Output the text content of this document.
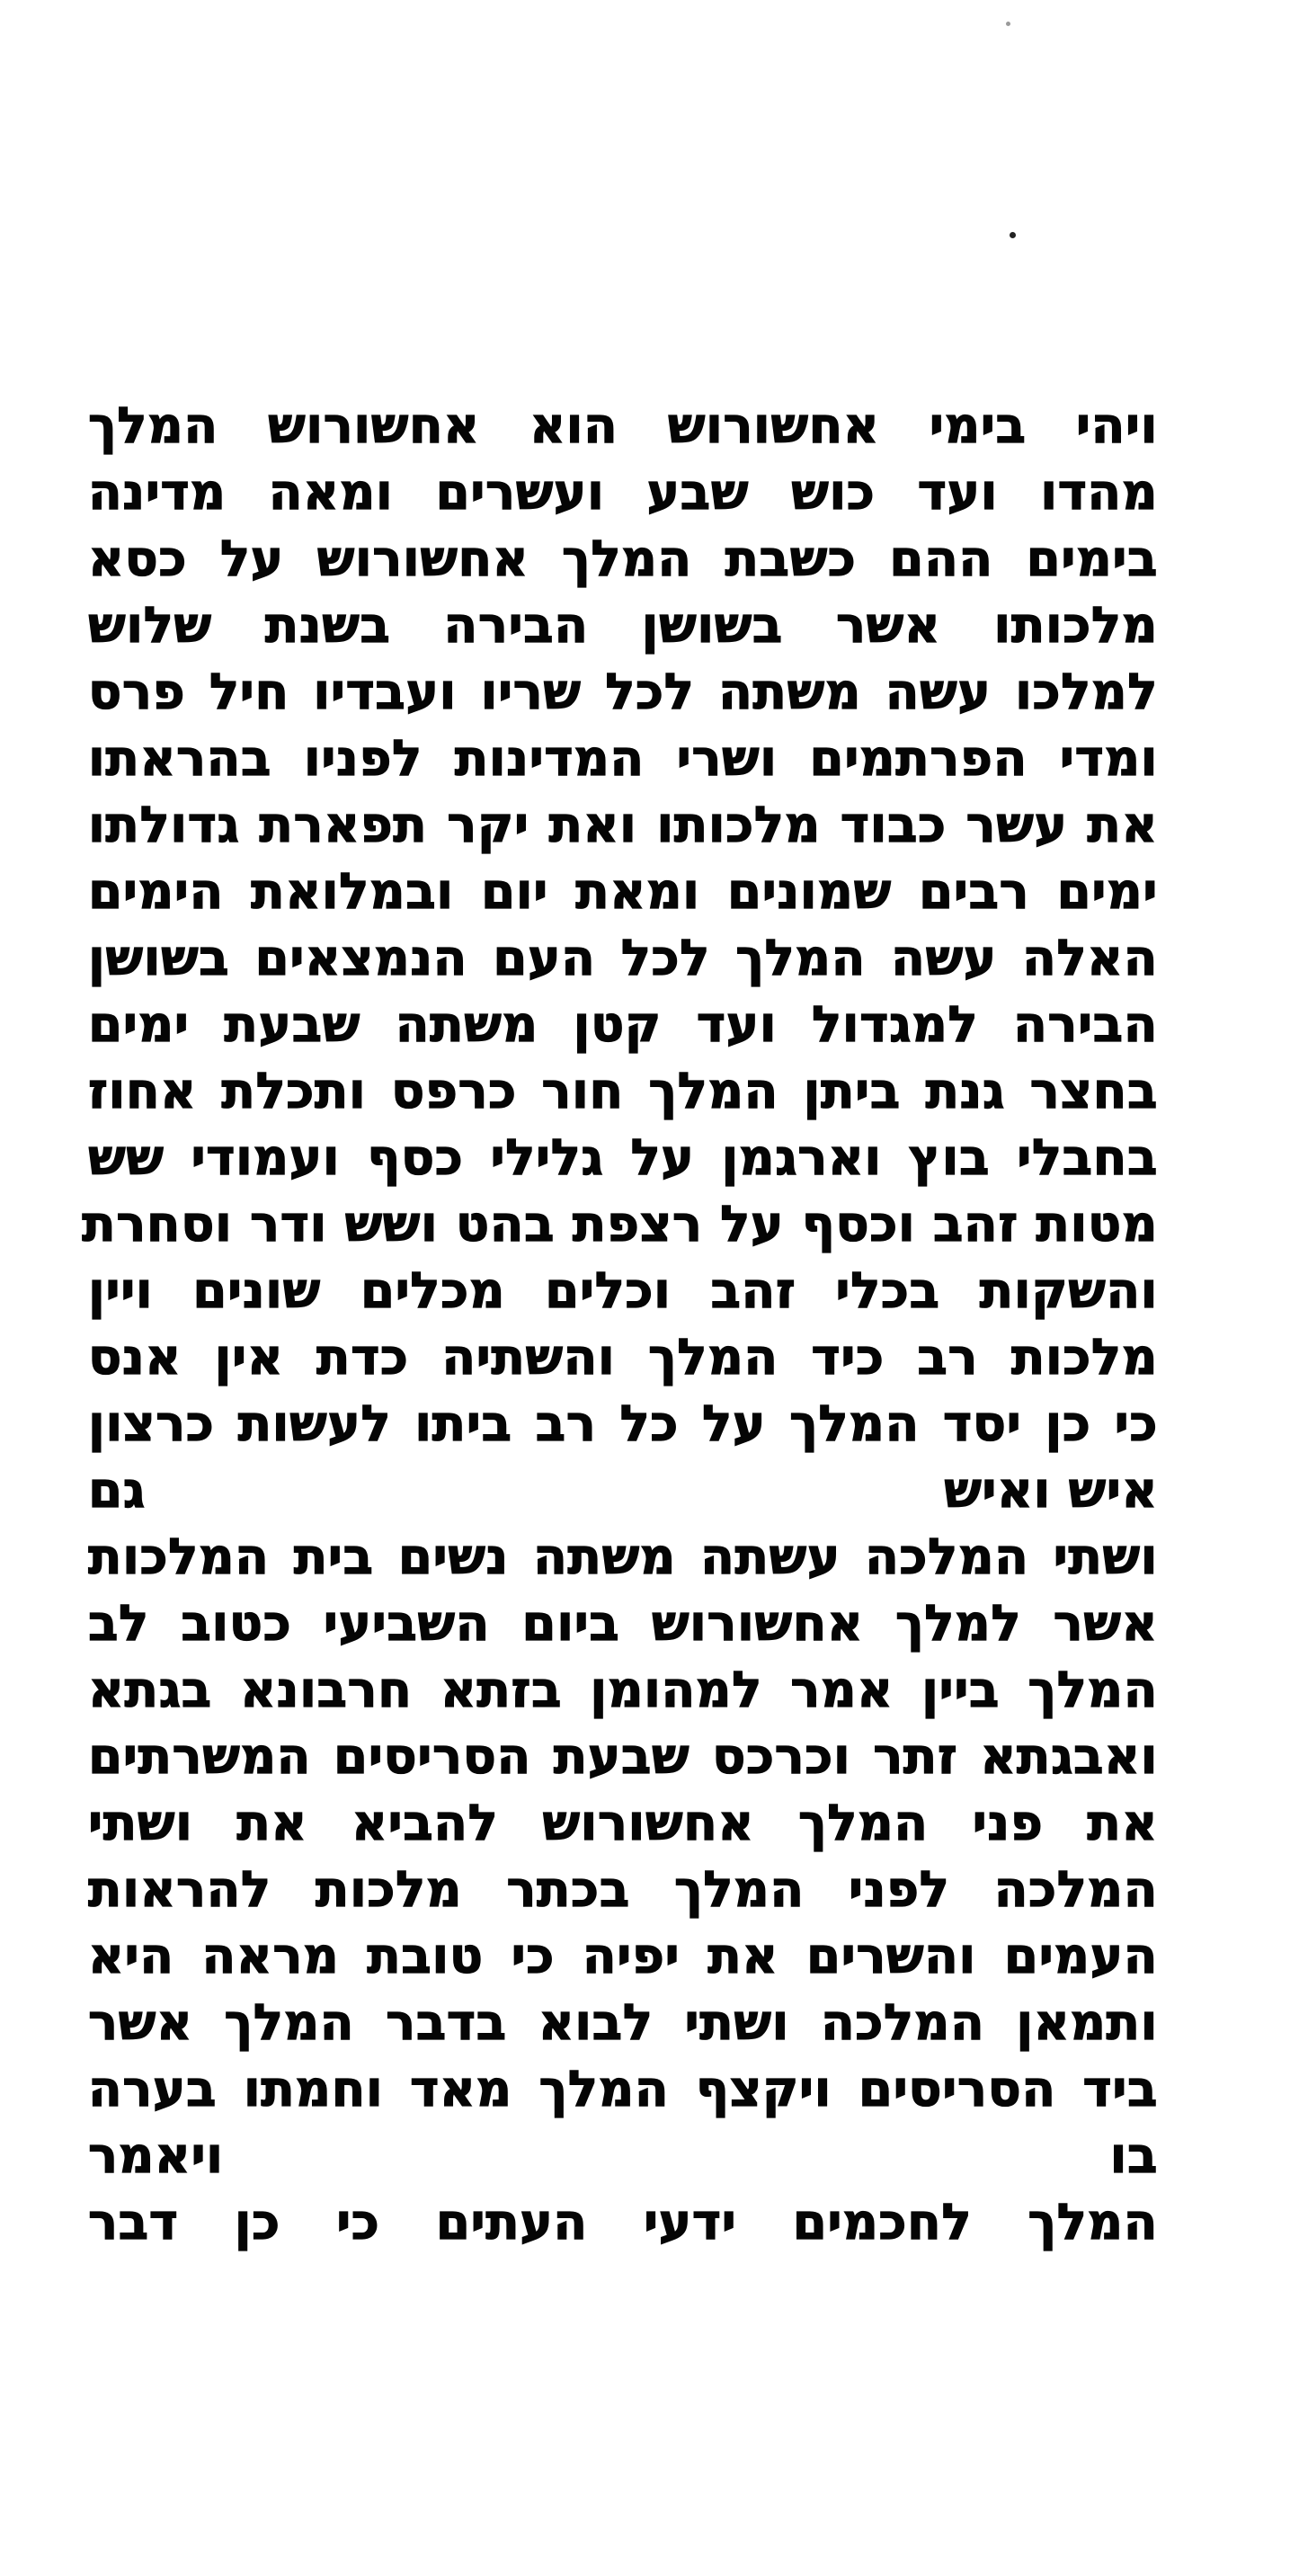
ויהי בימי אחשורוש הוא אחשורוש המלך
מהדו ועד כוש שבע ועשרים ומאה מדינה
בימים ההם כשבת המלך אחשורוש על כסא
מלכותו אשר בשושן הבירה בשנת שלוש
למלכו עשה משתה לכל שריו ועבדיו חיל פרס
ומדי הפרתמים ושרי המדינות לפניו בהראתו
את עשר כבוד מלכותו ואת יקר תפארת גדולתו
ימים רבים שמונים ומאת יום ובמלואת הימים
האלה עשה המלך לכל העם הנמצאים בשושן
הבירה למגדול ועד קטן משתה שבעת ימים
בחצר גנת ביתן המלך חור כרפס ותכלת אחוז
בחבלי בוץ וארגמן על גלילי כסף ועמודי שש
מטות זהב וכסף על רצפת בהט ושש ודר וסחרת
והשקות בכלי זהב וכלים מכלים שונים ויין
מלכות רב כיד המלך והשתיה כדת אין אנס
כי כן יסד המלך על כל רב ביתו לעשות כרצון
איש ואיש
גם
ושתי המלכה עשתה משתה נשים בית המלכות
אשר למלך אחשורוש ביום השביעי כטוב לב
המלך ביין אמר למהומן בזתא חרבונא בגתא
ואבגתא זתר וכרכס שבעת הסריסים המשרתים
את פני המלך אחשורוש להביא את ושתי
המלכה לפני המלך בכתר מלכות להראות
העמים והשרים את יפיה כי טובת מראה היא
ותמאן המלכה ושתי לבוא בדבר המלך אשר
ביד הסריסים ויקצף המלך מאד וחמתו בערה
בו
ויאמר
המלך לחכמים ידעי העתים כי כן דבר
